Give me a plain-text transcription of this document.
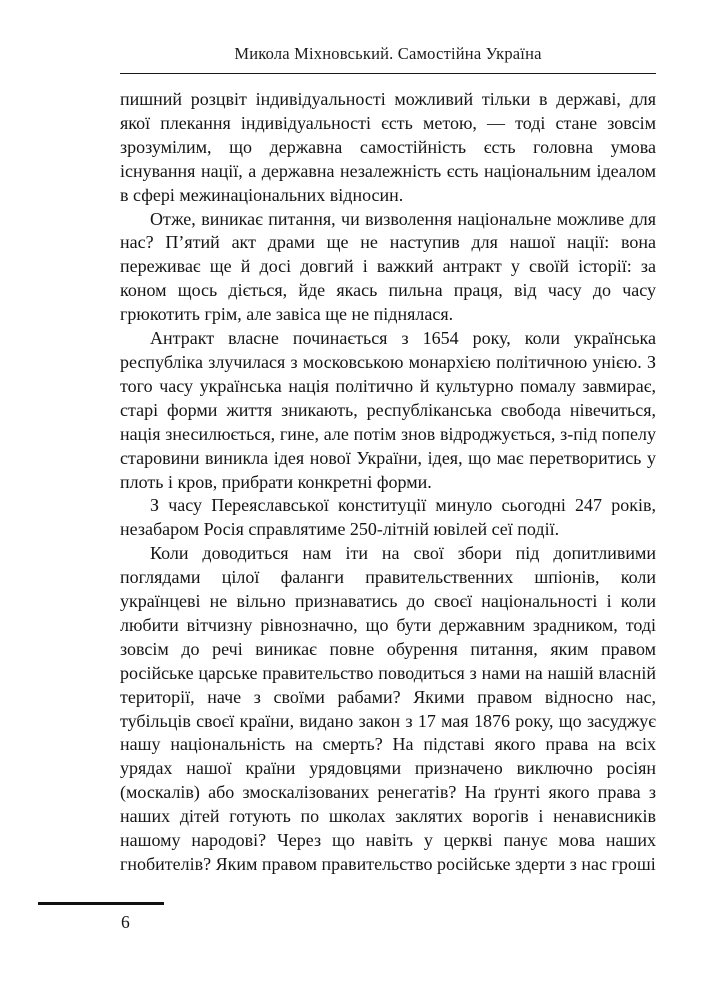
Микола Міхновський. Самостійна Україна

пишний розцвіт індивідуальності можливий тільки в державі, для якої плекання індивідуальності єсть метою, — тоді стане зовсім зрозумілим, що державна самостійність єсть головна умова існування нації, а державна незалежність єсть національним ідеалом в сфері межинаціональних відносин.

Отже, виникає питання, чи визволення національне можливе для нас? П’ятий акт драми ще не наступив для нашої нації: вона переживає ще й досі довгий і важкий антракт у своїй історії: за коном щось діється, йде якась пильна праця, від часу до часу грюкотить грім, але завіса ще не піднялася.

Антракт власне починається з 1654 року, коли українська республіка злучилася з московською монархією політичною унією. З того часу українська нація політично й культурно помалу завмирає, старі форми життя зникають, республіканська свобода нівечиться, нація знесилюється, гине, але потім знов відроджується, з-під попелу старовини виникла ідея нової України, ідея, що має перетворитись у плоть і кров, прибрати конкретні форми.

З часу Переяславської конституції минуло сьогодні 247 років, незабаром Росія справлятиме 250-літній ювілей сеї події.

Коли доводиться нам іти на свої збори під допитливими поглядами цілої фаланги правительственних шпіонів, коли українцеві не вільно признаватись до своєї національності і коли любити вітчизну рівнозначно, що бути державним зрадником, тоді зовсім до речі виникає повне обурення питання, яким правом російське царське правительство поводиться з нами на нашій власній території, наче з своїми рабами? Якими правом відносно нас, тубільців своєї країни, видано закон з 17 мая 1876 року, що засуджує нашу національність на смерть? На підставі якого права на всіх урядах нашої країни урядовцями призначено виключно росіян (москалів) або змоскалізованих ренегатів? На ґрунті якого права з наших дітей готують по школах заклятих ворогів і ненависників нашому народові? Через що навіть у церкві панує мова наших гнобителів? Яким правом правительство російське здерти з нас гроші

6
